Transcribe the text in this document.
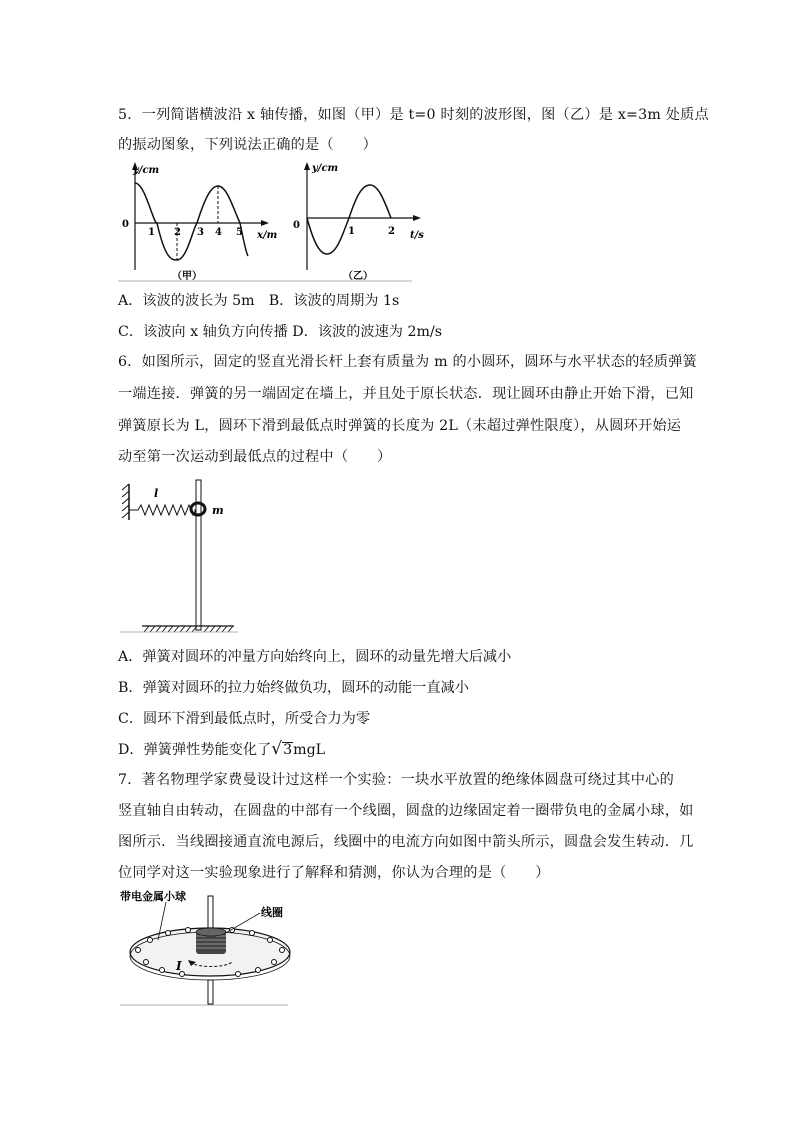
5．一列简谐横波沿 x 轴传播，如图（甲）是 t=0 时刻的波形图，图（乙）是 x=3m 处质点
的振动图象，下列说法正确的是（　　）
y/cm
0
1 2 3 4 5 x/m
（甲）
y/cm
0
1	2 t/s
（乙）
A．该波的波长为 5m　B．该波的周期为 1s
C．该波向 x 轴负方向传播 D．该波的波速为 2m/s
6．如图所示，固定的竖直光滑长杆上套有质量为 m 的小圆环，圆环与水平状态的轻质弹簧
一端连接．弹簧的另一端固定在墙上，并且处于原长状态．现让圆环由静止开始下滑，已知
弹簧原长为 L，圆环下滑到最低点时弹簧的长度为 2L（未超过弹性限度），从圆环开始运
动至第一次运动到最低点的过程中（　　）
l
m
A．弹簧对圆环的冲量方向始终向上，圆环的动量先增大后减小
B．弹簧对圆环的拉力始终做负功，圆环的动能一直减小
C．圆环下滑到最低点时，所受合力为零
D．弹簧弹性势能变化了√3mgL
7．著名物理学家费曼设计过这样一个实验：一块水平放置的绝缘体圆盘可绕过其中心的
竖直轴自由转动，在圆盘的中部有一个线圈，圆盘的边缘固定着一圈带负电的金属小球，如
图所示．当线圈接通直流电源后，线圈中的电流方向如图中箭头所示，圆盘会发生转动．几
位同学对这一实验现象进行了解释和猜测，你认为合理的是（　　）
I
带电金属小球
线圈
